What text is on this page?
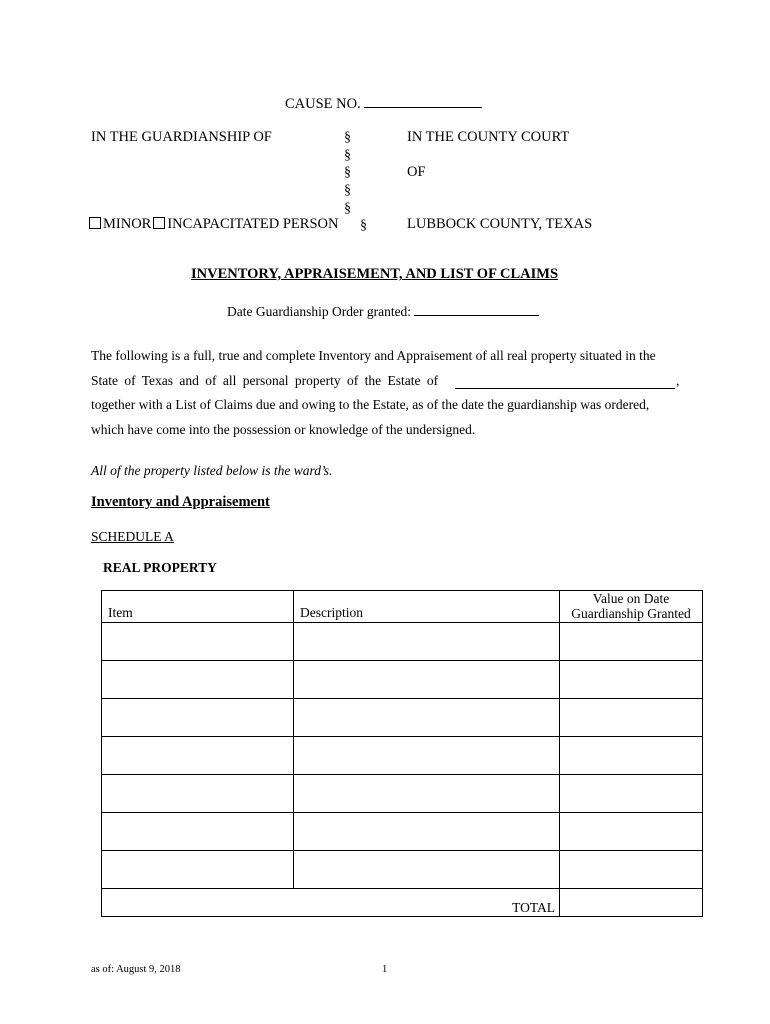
CAUSE NO.
IN THE GUARDIANSHIP OF	§
§
§
§
§
§
IN THE COUNTY COURT
OF
LUBBOCK COUNTY, TEXAS
MINOR INCAPACITATED PERSON
INVENTORY, APPRAISEMENT, AND LIST OF CLAIMS
Date Guardianship Order granted:
The following is a full, true and complete Inventory and Appraisement of all real property situated in the
State of Texas and of all personal property of the Estate of	,
together with a List of Claims due and owing to the Estate, as of the date the guardianship was ordered,
which have come into the possession or knowledge of the undersigned.
All of the property listed below is the ward’s.
Inventory and Appraisement
SCHEDULE A
REAL PROPERTY
Item	Description	Value on Date
Guardianship Granted

TOTAL		

as of: August 9, 2018	1
